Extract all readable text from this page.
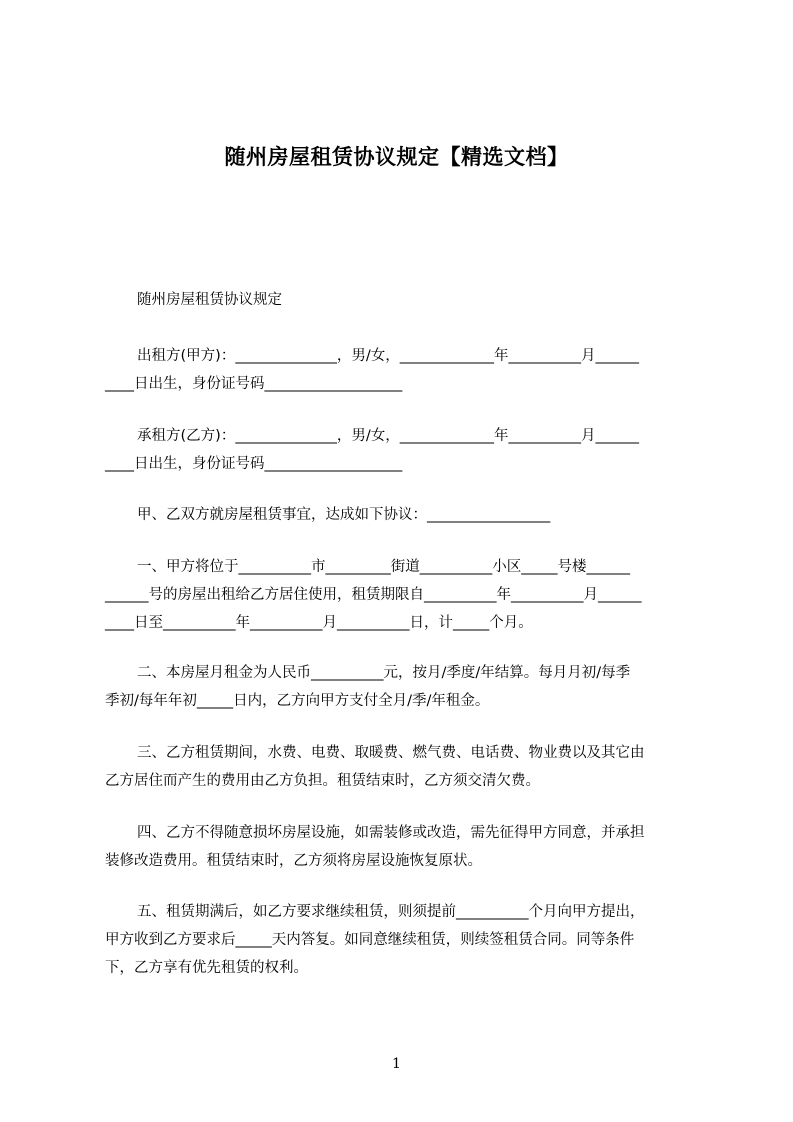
随州房屋租赁协议规定【精选文档】
随州房屋租赁协议规定
出租方(甲方)：______________，男/女，_____________年__________月______
____日出生，身份证号码___________________
承租方(乙方)：______________，男/女，_____________年__________月______
____日出生，身份证号码___________________
甲、乙双方就房屋租赁事宜，达成如下协议：_________________
一、甲方将位于__________市_________街道__________小区_____号楼______
______号的房屋出租给乙方居住使用，租赁期限自__________年__________月______
____日至__________年__________月__________日，计_____个月。
二、本房屋月租金为人民币__________元，按月/季度/年结算。每月月初/每季
季初/每年年初_____日内，乙方向甲方支付全月/季/年租金。
三、乙方租赁期间，水费、电费、取暖费、燃气费、电话费、物业费以及其它由
乙方居住而产生的费用由乙方负担。租赁结束时，乙方须交清欠费。
四、乙方不得随意损坏房屋设施，如需装修或改造，需先征得甲方同意，并承担
装修改造费用。租赁结束时，乙方须将房屋设施恢复原状。
五、租赁期满后，如乙方要求继续租赁，则须提前__________个月向甲方提出，
甲方收到乙方要求后_____天内答复。如同意继续租赁，则续签租赁合同。同等条件
下，乙方享有优先租赁的权利。
1
